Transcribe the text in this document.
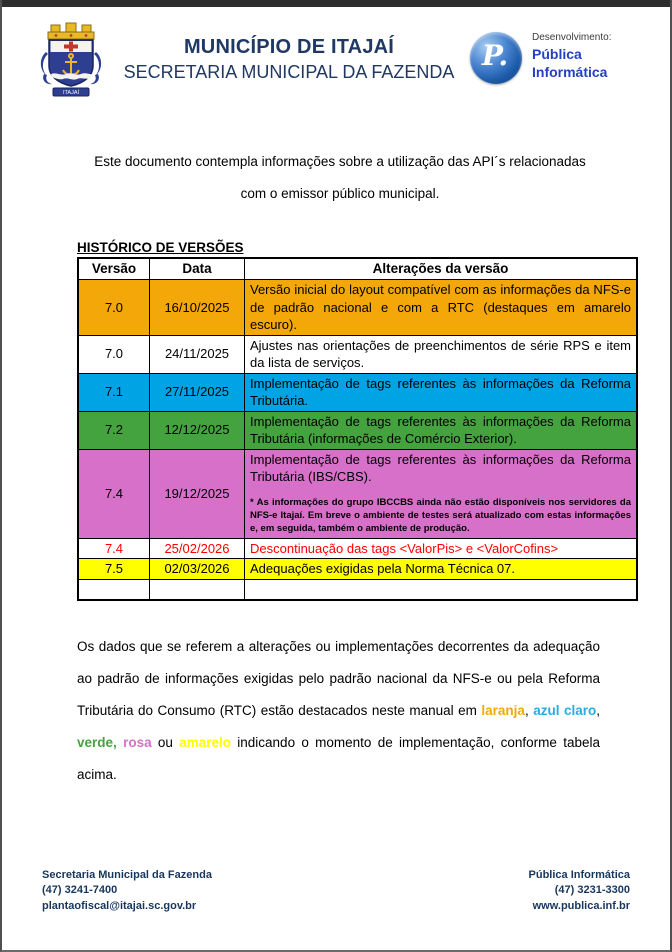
ITAJAÍ
MUNICÍPIO DE ITAJAÍ
SECRETARIA MUNICIPAL DA FAZENDA P.
Desenvolvimento:
Pública
Informática
Este documento contempla informações sobre a utilização das API´s relacionadas com o emissor público municipal.
HISTÓRICO DE VERSÕES
Versão	Data	Alterações da versão
7.0	16/10/2025	Versão inicial do layout compatível com as informações da NFS-e de padrão nacional e com a RTC (destaques em amarelo escuro).
7.0	24/11/2025	Ajustes nas orientações de preenchimentos de série RPS e item da lista de serviços.
7.1	27/11/2025	Implementação de tags referentes às informações da Reforma Tributária.
7.2	12/12/2025	Implementação de tags referentes às informações da Reforma Tributária (informações de Comércio Exterior).
7.4	19/12/2025	Implementação de tags referentes às informações da Reforma Tributária (IBS/CBS).
* As informações do grupo IBCCBS ainda não estão disponíveis nos servidores da NFS-e Itajaí. Em breve o ambiente de testes será atualizado com estas informações e, em seguida, também o ambiente de produção.

7.4	25/02/2026	Descontinuação das tags <ValorPis> e <ValorCofins>
7.5	02/03/2026	Adequações exigidas pela Norma Técnica 07.

Os dados que se referem a alterações ou implementações decorrentes da adequação ao padrão de informações exigidas pelo padrão nacional da NFS-e ou pela Reforma Tributária do Consumo (RTC) estão destacados neste manual em laranja, azul claro, verde, rosa ou amarelo indicando o momento de implementação, conforme tabela acima.
Secretaria Municipal da Fazenda
(47) 3241-7400
plantaofiscal@itajai.sc.gov.br
Pública Informática
(47) 3231-3300
www.publica.inf.br
